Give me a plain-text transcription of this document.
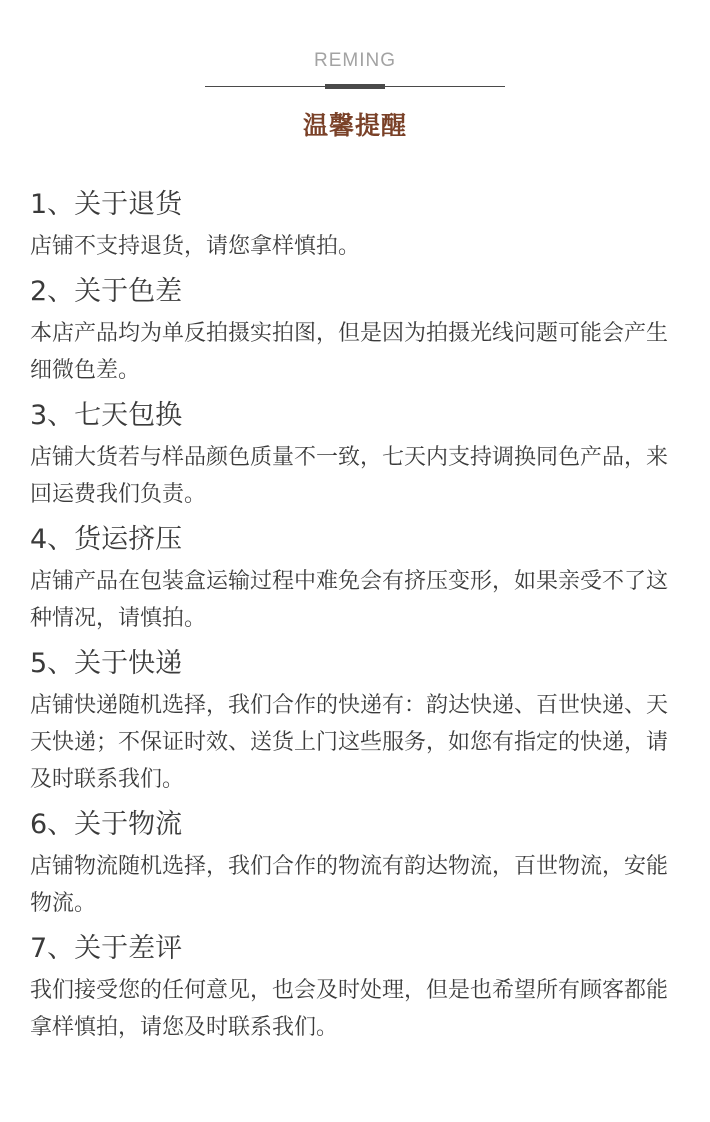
REMING
温馨提醒
1、关于退货
店铺不支持退货，请您拿样慎拍。
2、关于色差
本店产品均为单反拍摄实拍图，但是因为拍摄光线问题可能会产生细微色差。
3、七天包换
店铺大货若与样品颜色质量不一致，七天内支持调换同色产品，来回运费我们负责。
4、货运挤压
店铺产品在包装盒运输过程中难免会有挤压变形，如果亲受不了这种情况，请慎拍。
5、关于快递
店铺快递随机选择，我们合作的快递有：韵达快递、百世快递、天天快递；不保证时效、送货上门这些服务，如您有指定的快递，请及时联系我们。
6、关于物流
店铺物流随机选择，我们合作的物流有韵达物流，百世物流，安能物流。
7、关于差评
我们接受您的任何意见，也会及时处理，但是也希望所有顾客都能拿样慎拍，请您及时联系我们。
